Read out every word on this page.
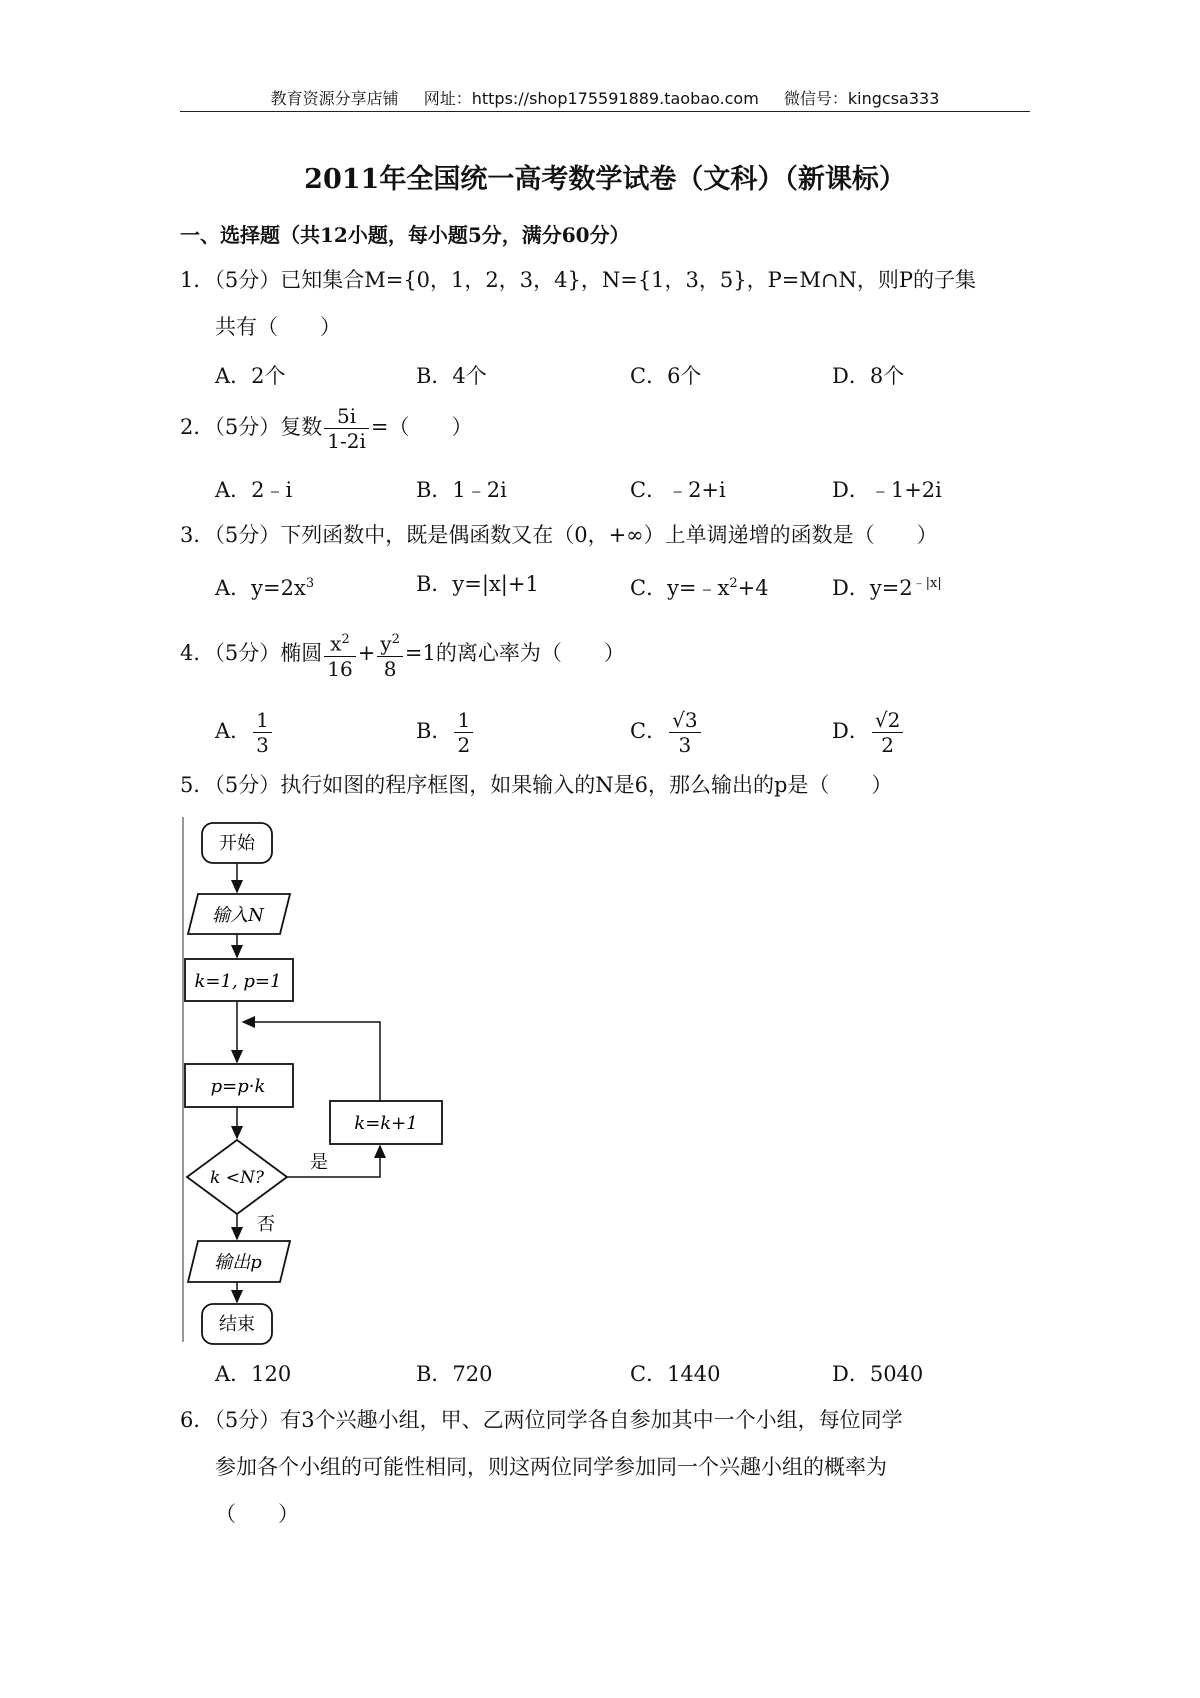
教育资源分享店铺 网址：https://shop175591889.taobao.com 微信号：kingcsa333
2011年全国统一高考数学试卷（文科）（新课标）
一、选择题（共12小题，每小题5分，满分60分）
1．（5分）已知集合M={0，1，2，3，4}，N={1，3，5}，P=M∩N，则P的子集
共有（　　）
A．2个	B．4个	C．6个	D．8个
2．（5分）复数 $\frac{5i}{1-2i}$ =（　　）
A．2﹣i	B．1﹣2i	C．﹣2+i	D．﹣1+2i
3．（5分）下列函数中，既是偶函数又在（0，+∞）上单调递增的函数是（　　）
A．$y=2x^3$	B．y=|x|+1	C．$y=﹣x^2+4$	D．$y=2^{﹣|x|}$
4．（5分）椭圆 $\frac{x^2}{16} + \frac{y^2}{8} =1$的离心率为（　　）
A． $\frac{1}{3}$	B． $\frac{1}{2}$	C． $\frac{√3}{3}$	D． $\frac{√2}{2}$
5．（5分）执行如图的程序框图，如果输入的N是6，那么输出的p是（　　）
开始
输入N
k=1, p=1
p=p·k
k=k+1
k <N?
是
否
输出p
结束
A．120	B．720	C．1440	D．5040
6．（5分）有3个兴趣小组，甲、乙两位同学各自参加其中一个小组，每位同学
参加各个小组的可能性相同，则这两位同学参加同一个兴趣小组的概率为
（　　）
